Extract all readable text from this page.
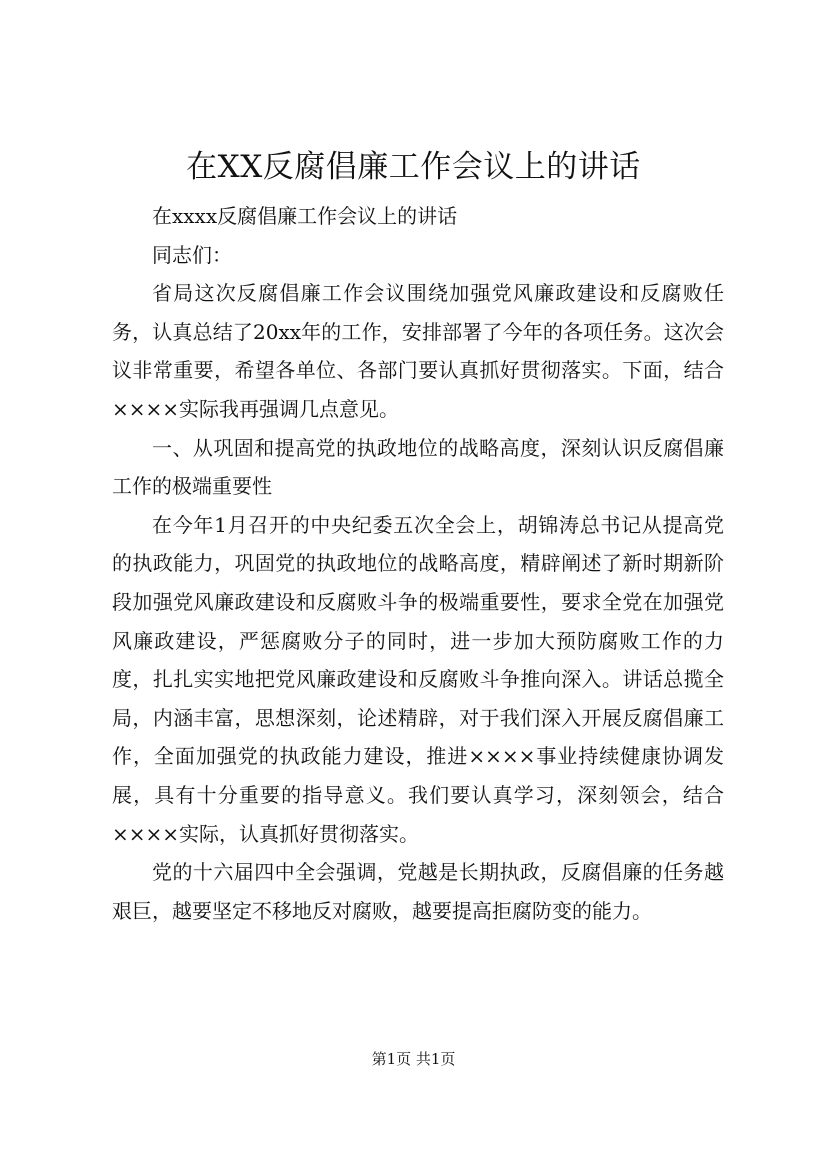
在XX反腐倡廉工作会议上的讲话

在xxxx反腐倡廉工作会议上的讲话

同志们：

省局这次反腐倡廉工作会议围绕加强党风廉政建设和反腐败任务，认真总结了20xx年的工作，安排部署了今年的各项任务。这次会议非常重要，希望各单位、各部门要认真抓好贯彻落实。下面，结合××××实际我再强调几点意见。

一、从巩固和提高党的执政地位的战略高度，深刻认识反腐倡廉工作的极端重要性

在今年1月召开的中央纪委五次全会上，胡锦涛总书记从提高党的执政能力，巩固党的执政地位的战略高度，精辟阐述了新时期新阶段加强党风廉政建设和反腐败斗争的极端重要性，要求全党在加强党风廉政建设，严惩腐败分子的同时，进一步加大预防腐败工作的力度，扎扎实实地把党风廉政建设和反腐败斗争推向深入。讲话总揽全局，内涵丰富，思想深刻，论述精辟，对于我们深入开展反腐倡廉工作，全面加强党的执政能力建设，推进××××事业持续健康协调发展，具有十分重要的指导意义。我们要认真学习，深刻领会，结合××××实际，认真抓好贯彻落实。

党的十六届四中全会强调，党越是长期执政，反腐倡廉的任务越艰巨，越要坚定不移地反对腐败，越要提高拒腐防变的能力。

第1页 共1页
